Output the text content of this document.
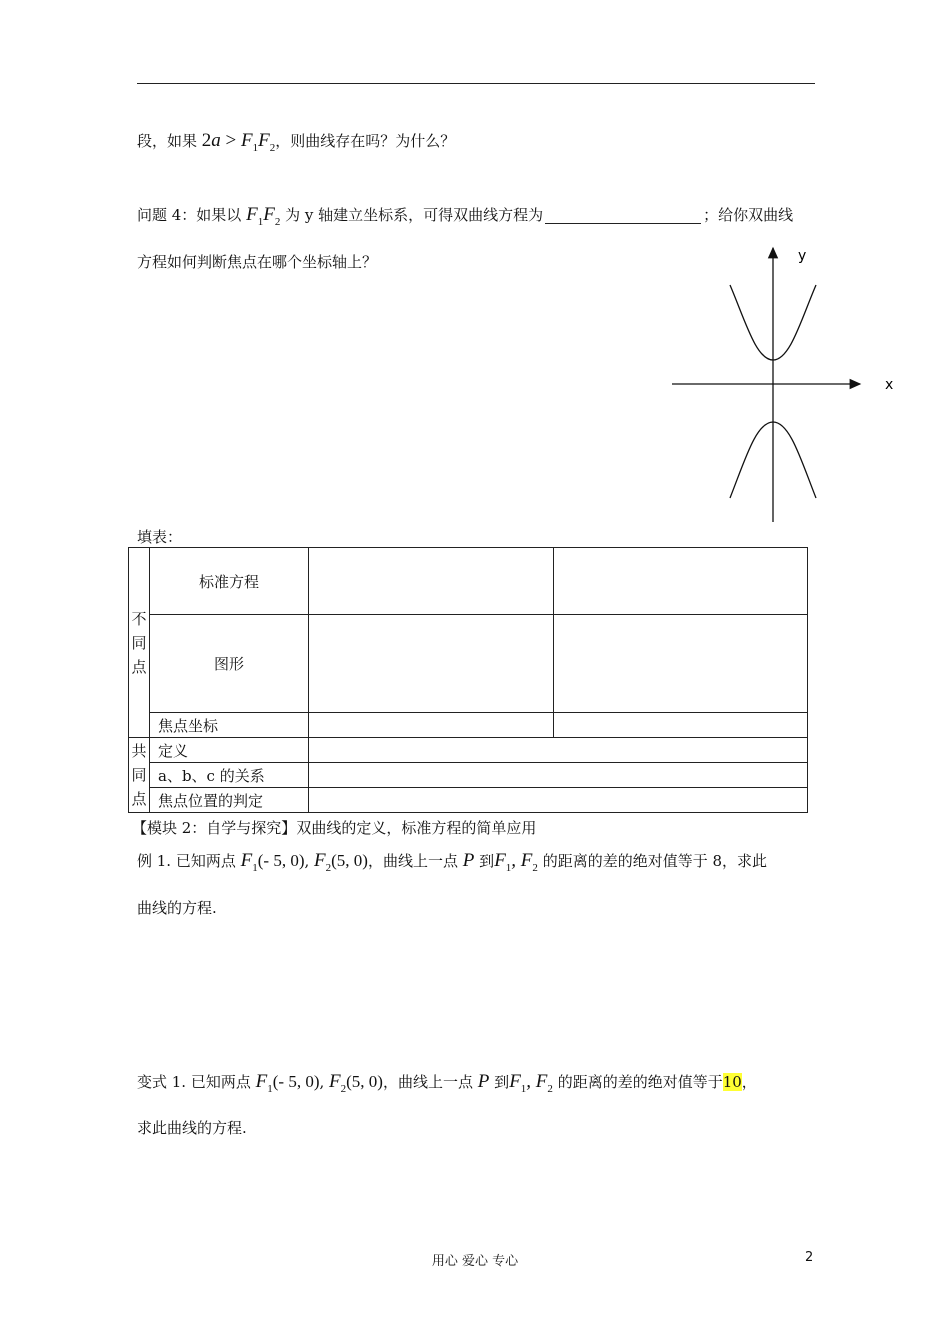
段，如果 $2a > F_1F_2$，则曲线存在吗？为什么？
问题 4：如果以 $F_1F_2$ 为 y 轴建立坐标系，可得双曲线方程为	；给你双曲线
方程如何判断焦点在哪个坐标轴上？	y
x
填表：
不
同
点	标准方程		
	图形		
	焦点坐标		

共
同
点	定义		
	a、b、c 的关系		
	焦点位置的判定		
【模块 2：自学与探究】双曲线的定义，标准方程的简单应用
例 1. 已知两点 $F_1(-$ 5, 0), $F_2(5$, 0)，曲线上一点 P 到$F_1$, $F_2$ 的距离的差的绝对值等于 8，求此
曲线的方程.
变式 1. 已知两点 $F_1(-$ 5, 0), $F_2(5$, 0)，曲线上一点 P 到$F_1$, $F_2$ 的距离的差的绝对值等于10，
求此曲线的方程.
用心 爱心 专心	2
